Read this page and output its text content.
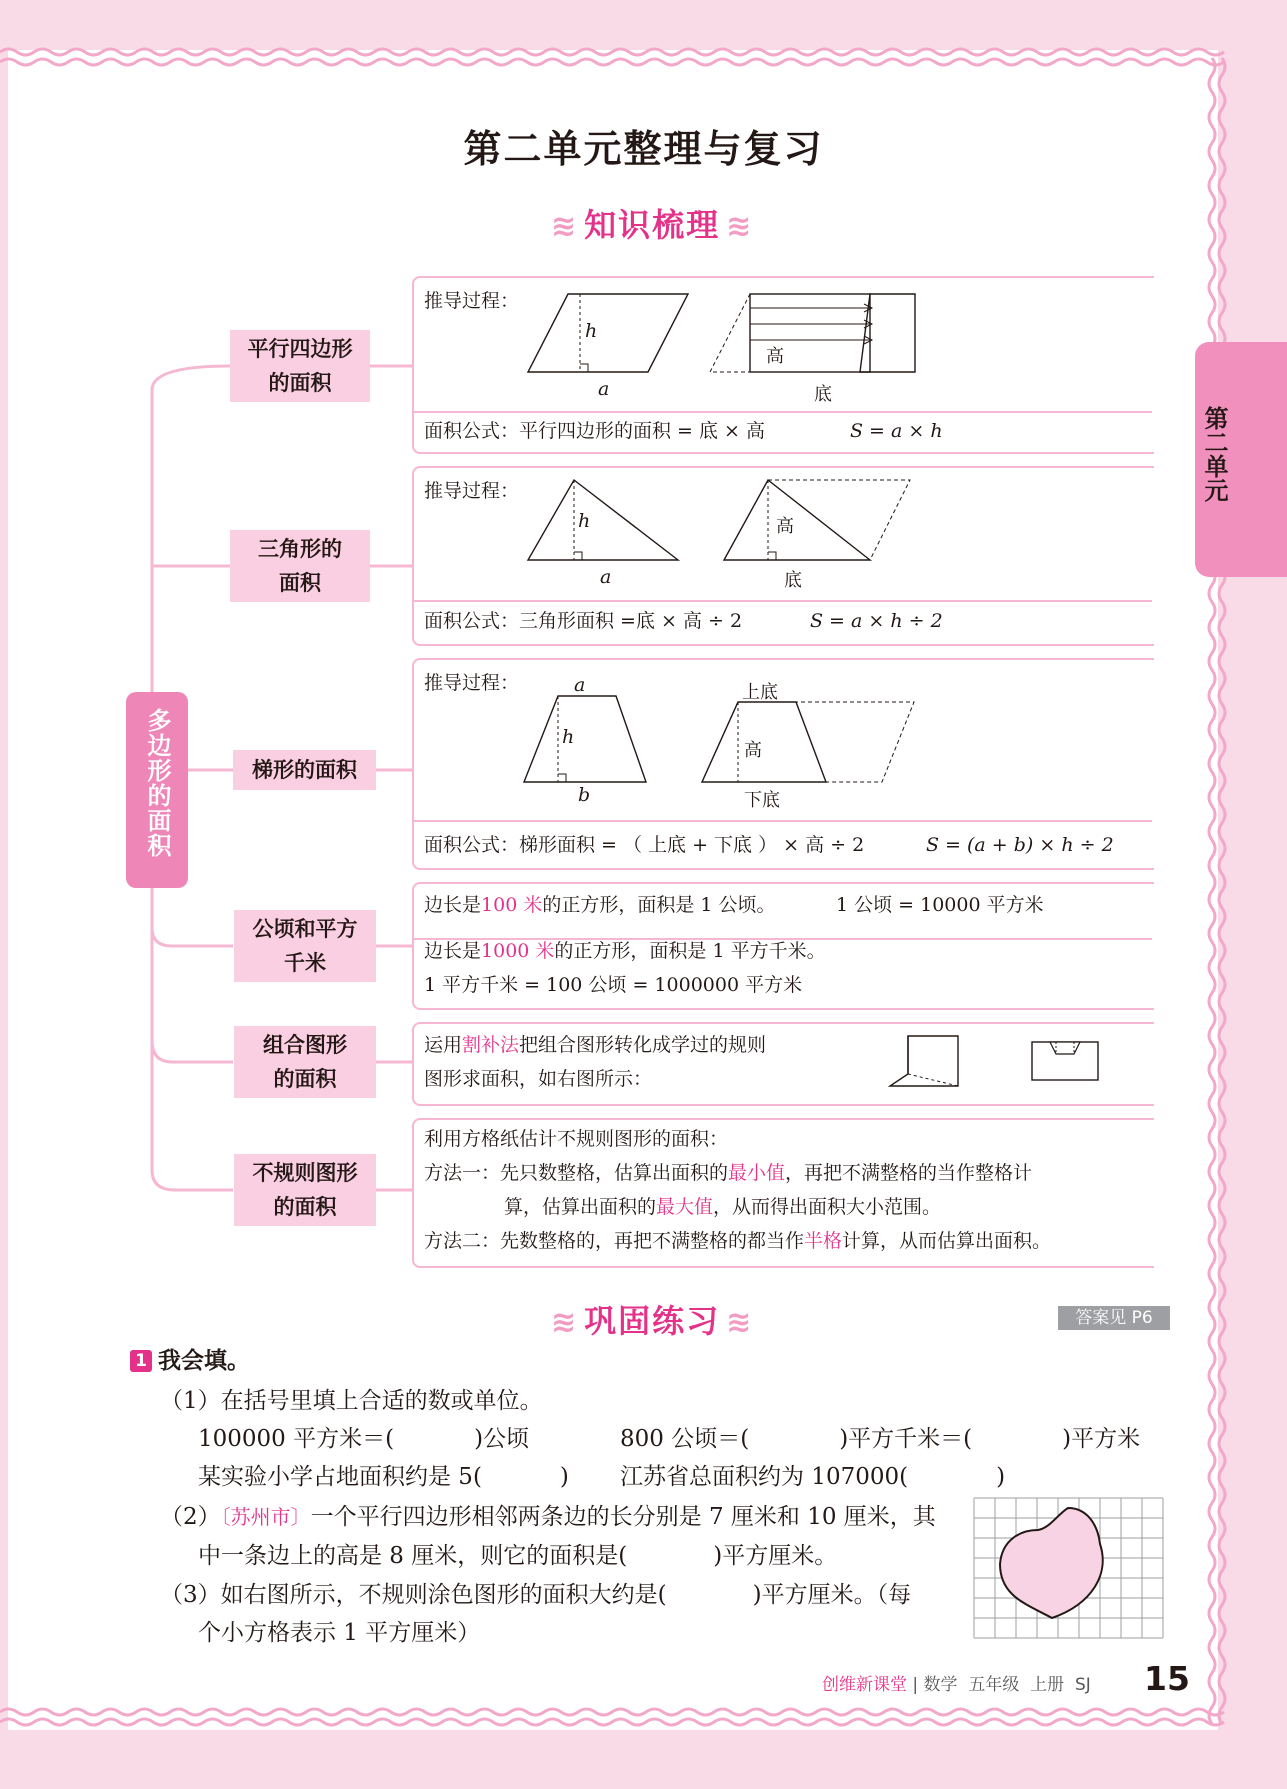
第二单元整理与复习
第二单元
≋ 知识梳理 ≋
多边形的面积
平行四边形
的面积
三角形的
面积
梯形的面积
公顷和平方
千米
组合图形
的面积
不规则图形
的面积
推导过程：
h
a
高
底
面积公式：平行四边形的面积 = 底 × 高	S = a × h
推导过程：
h
a
高
底
面积公式：三角形面积 =底 × 高 ÷ 2	S = a × h ÷ 2
推导过程：	a
h
b
上底
高
下底
面积公式：梯形面积 = （ 上底 + 下底 ） × 高 ÷ 2	S = (a + b) × h ÷ 2
边长是100 米的正方形，面积是 1 公顷。	1 公顷 = 10000 平方米
边长是1000 米的正方形，面积是 1 平方千米。
1 平方千米 = 100 公顷 = 1000000 平方米
运用割补法把组合图形转化成学过的规则
图形求面积，如右图所示：
利用方格纸估计不规则图形的面积：
方法一：先只数整格，估算出面积的最小值，再把不满整格的当作整格计
算，估算出面积的最大值，从而得出面积大小范围。
方法二：先数整格的，再把不满整格的都当作半格计算，从而估算出面积。
≋ 巩固练习 ≋	答案见 P6
1 我会填。
（1）在括号里填上合适的数或单位。
100000 平方米＝(	)公顷	800 公顷＝(	)平方千米＝(	)平方米
某实验小学占地面积约是 5(	) 江苏省总面积约为 107000(	)
（2）〔苏州市〕一个平行四边形相邻两条边的长分别是 7 厘米和 10 厘米，其
中一条边上的高是 8 厘米，则它的面积是(	)平方厘米。
（3）如右图所示，不规则涂色图形的面积大约是(	)平方厘米。（每
个小方格表示 1 平方厘米）
创维新课堂 | 数学 五年级 上册 SJ 15
